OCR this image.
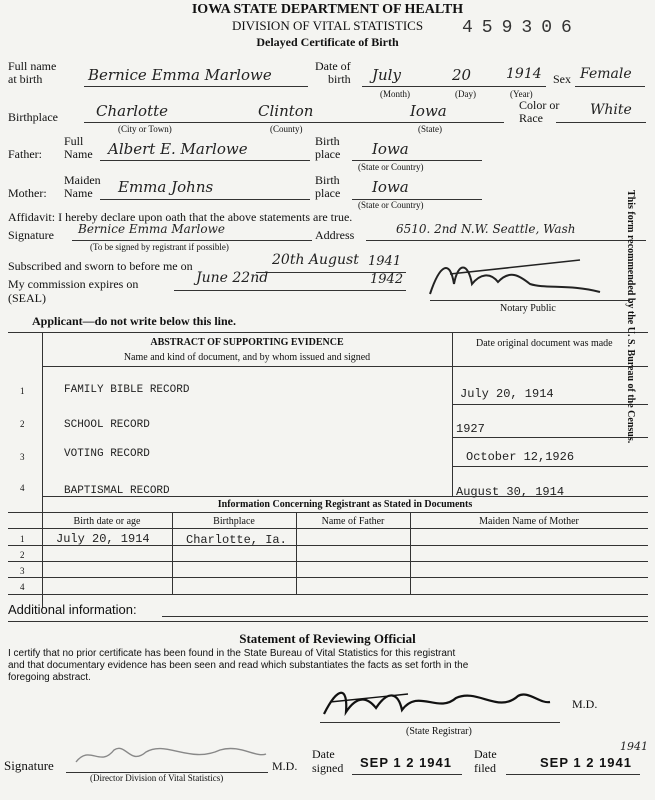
IOWA STATE DEPARTMENT OF HEALTH
DIVISION OF VITAL STATISTICS
Delayed Certificate of Birth
459306
Full name
at birth	Bernice Emma Marlowe	Date of
birth July	20 1914
(Month)	(Day)	(Year)
Sex Female
Birthplace	Charlotte	Clinton	Iowa
(City or Town)	(County)	(State)
Color or
Race	White
Full
Father: Name Albert E. Marlowe	Birth
place Iowa
(State or Country)
Maiden
Mother: Name Emma Johns	Birth
place Iowa
(State or Country)
Affidavit: I hereby declare upon oath that the above statements are true.
Signature Bernice Emma Marlowe	Address	6510. 2nd N.W. Seattle, Wash
(To be signed by registrant if possible)
Subscribed and sworn to before me on	20th August 1941
My commission expires on	June 22nd	1942
(SEAL)
Notary Public
Applicant—do not write below this line.
ABSTRACT OF SUPPORTING EVIDENCE
Name and kind of document, and by whom issued and signed
Date original document was made
1	FAMILY BIBLE RECORD	July 20, 1914
2	SCHOOL RECORD	1927
3	VOTING RECORD	October 12,1926
4	BAPTISMAL RECORD	August 30, 1914
Information Concerning Registrant as Stated in Documents
Birth date or age	Birthplace	Name of Father	Maiden Name of Mother
1	July 20, 1914	Charlotte, Ia.
2
3
4
Additional information:
Statement of Reviewing Official
I certify that no prior certificate has been found in the State Bureau of Vital Statistics for this registrant
and that documentary evidence has been seen and read which substantiates the facts as set forth in the
foregoing abstract.
M.D.
(State Registrar)
Signature
(Director Division of Vital Statistics)
M.D.
Date
signed SEP 1 2 1941
Date
filed	SEP 1 2 1941
1941
This form recommended by the U. S. Bureau of the Census.
